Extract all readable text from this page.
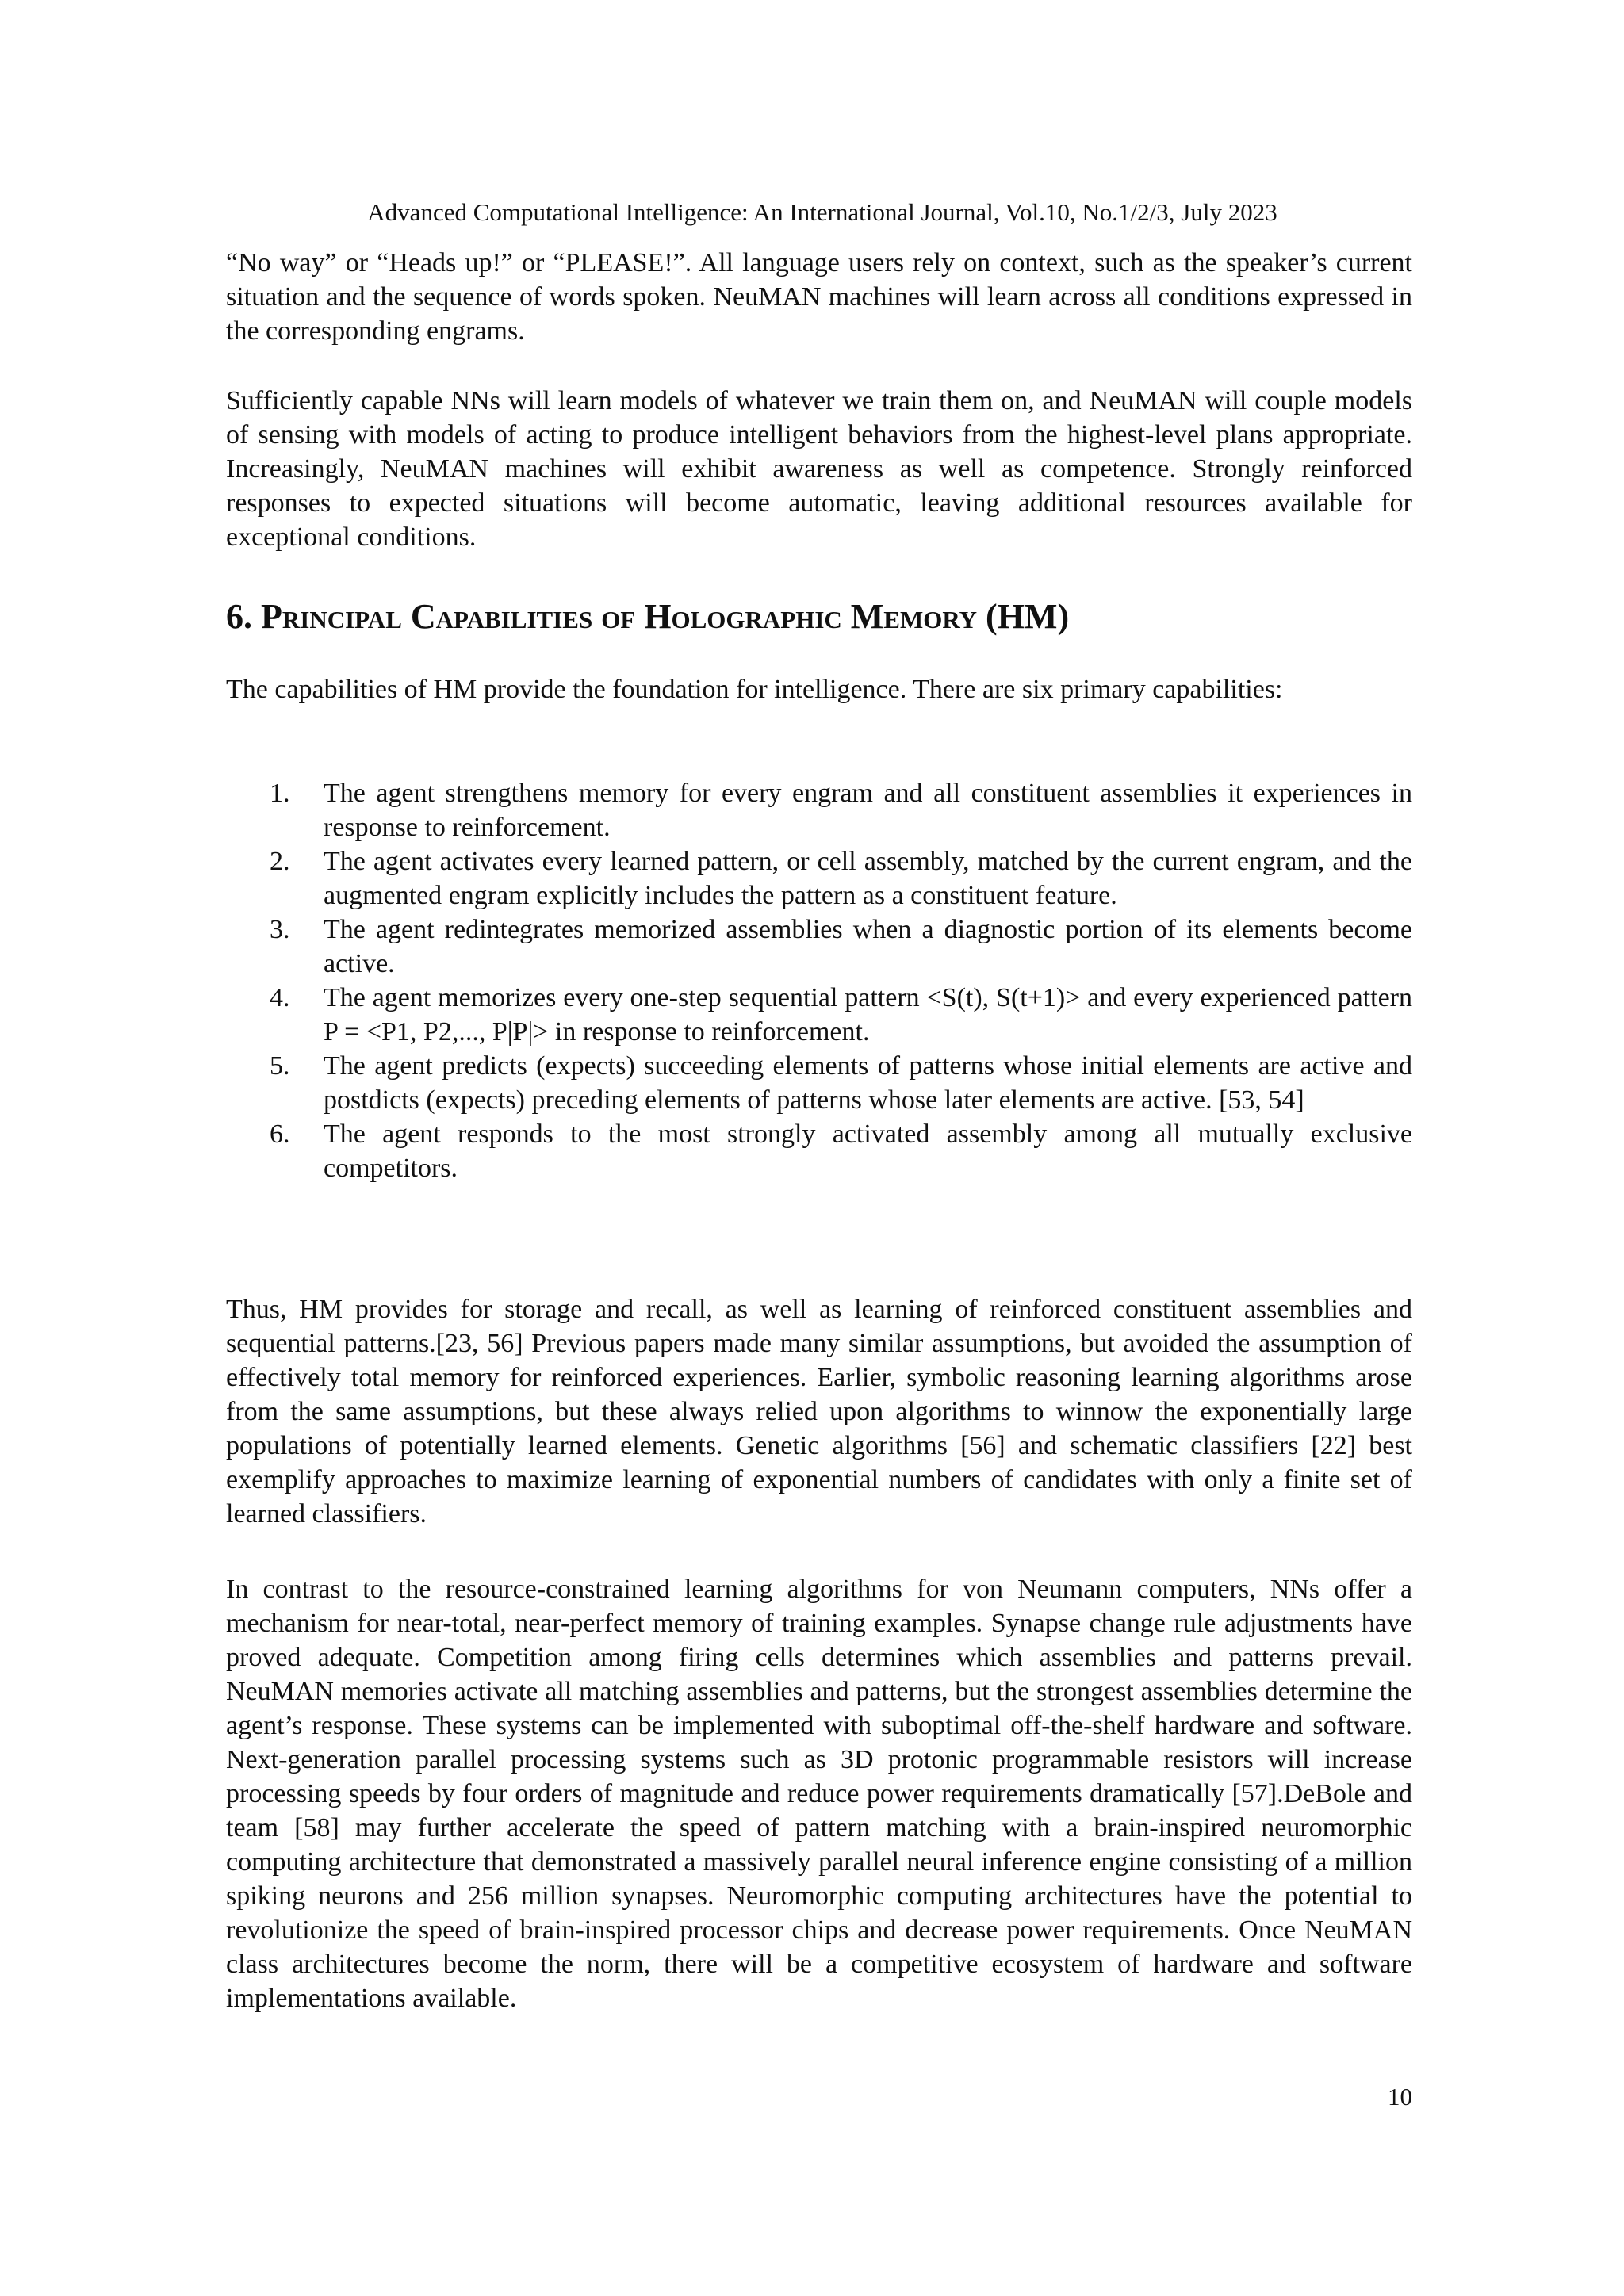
Advanced Computational Intelligence: An International Journal, Vol.10, No.1/2/3, July 2023

“No way” or “Heads up!” or “PLEASE!”. All language users rely on context, such as the speaker’s current situation and the sequence of words spoken. NeuMAN machines will learn across all conditions expressed in the corresponding engrams.

Sufficiently capable NNs will learn models of whatever we train them on, and NeuMAN will couple models of sensing with models of acting to produce intelligent behaviors from the highest-level plans appropriate. Increasingly, NeuMAN machines will exhibit awareness as well as competence. Strongly reinforced responses to expected situations will become automatic, leaving additional resources available for exceptional conditions.

6. Principal Capabilities of Holographic Memory (HM)

The capabilities of HM provide the foundation for intelligence. There are six primary capabilities:

1.	The agent strengthens memory for every engram and all constituent assemblies it experiences in response to reinforcement.
2.	The agent activates every learned pattern, or cell assembly, matched by the current engram, and the augmented engram explicitly includes the pattern as a constituent feature.
3.	The agent redintegrates memorized assemblies when a diagnostic portion of its elements become active.
4.	The agent memorizes every one-step sequential pattern <S(t), S(t+1)> and every experienced pattern P = <P1, P2,..., P|P|> in response to reinforcement.
5.	The agent predicts (expects) succeeding elements of patterns whose initial elements are active and postdicts (expects) preceding elements of patterns whose later elements are active. [53, 54]
6.	The agent responds to the most strongly activated assembly among all mutually exclusive competitors.

Thus, HM provides for storage and recall, as well as learning of reinforced constituent assemblies and sequential patterns.[23, 56] Previous papers made many similar assumptions, but avoided the assumption of effectively total memory for reinforced experiences. Earlier, symbolic reasoning learning algorithms arose from the same assumptions, but these always relied upon algorithms to winnow the exponentially large populations of potentially learned elements. Genetic algorithms [56] and schematic classifiers [22] best exemplify approaches to maximize learning of exponential numbers of candidates with only a finite set of learned classifiers.

In contrast to the resource-constrained learning algorithms for von Neumann computers, NNs offer a mechanism for near-total, near-perfect memory of training examples. Synapse change rule adjustments have proved adequate. Competition among firing cells determines which assemblies and patterns prevail. NeuMAN memories activate all matching assemblies and patterns, but the strongest assemblies determine the agent’s response. These systems can be implemented with suboptimal off-the-shelf hardware and software. Next-generation parallel processing systems such as 3D protonic programmable resistors will increase processing speeds by four orders of magnitude and reduce power requirements dramatically [57].DeBole and team [58] may further accelerate the speed of pattern matching with a brain-inspired neuromorphic computing architecture that demonstrated a massively parallel neural inference engine consisting of a million spiking neurons and 256 million synapses. Neuromorphic computing architectures have the potential to revolutionize the speed of brain-inspired processor chips and decrease power requirements. Once NeuMAN class architectures become the norm, there will be a competitive ecosystem of hardware and software implementations available.

10
